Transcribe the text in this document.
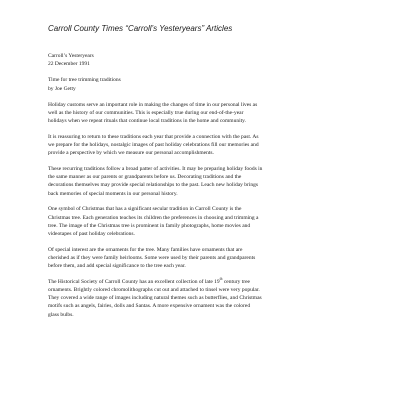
Carroll County Times “Carroll’s Yesteryears” Articles
Carroll’s Yesteryears
22 December 1991
Time for tree trimming traditions
by Joe Getty
Holiday customs serve an important role in making the changes of time in our personal lives as
well as the history of our communities. This is especially true during our end-of-the-year
holidays when we repeat rituals that continue local traditions in the home and community.
It is reassuring to return to these traditions each year that provide a connection with the past. As
we prepare for the holidays, nostalgic images of past holiday celebrations fill our memories and
provide a perspective by which we measure our personal accomplishments.
These recurring traditions follow a broad patter of activities. It may be preparing holiday foods in
the same manner as our parents or grandparents before us. Decorating traditions and the
decorations themselves may provide special relationships to the past. Leach new holiday brings
back memories of special moments in our personal history.
One symbol of Christmas that has a significant secular tradition in Carroll County is the
Christmas tree. Each generation teaches its children the preferences in choosing and trimming a
tree. The image of the Christmas tree is prominent in family photographs, home movies and
videotapes of past holiday celebrations.
Of special interest are the ornaments for the tree. Many families have ornaments that are
cherished as if they were family heirlooms. Some were used by their parents and grandparents
before them, and add special significance to the tree each year.
The Historical Society of Carroll County has an excellent collection of late 19th century tree
ornaments. Brightly colored chromolithographs cut out and attached to tinsel were very popular.
They covered a wide range of images including natural themes such as butterflies, and Christmas
motifs such as angels, fairies, dolls and Santas. A more expensive ornament was the colored
glass bulbs.
